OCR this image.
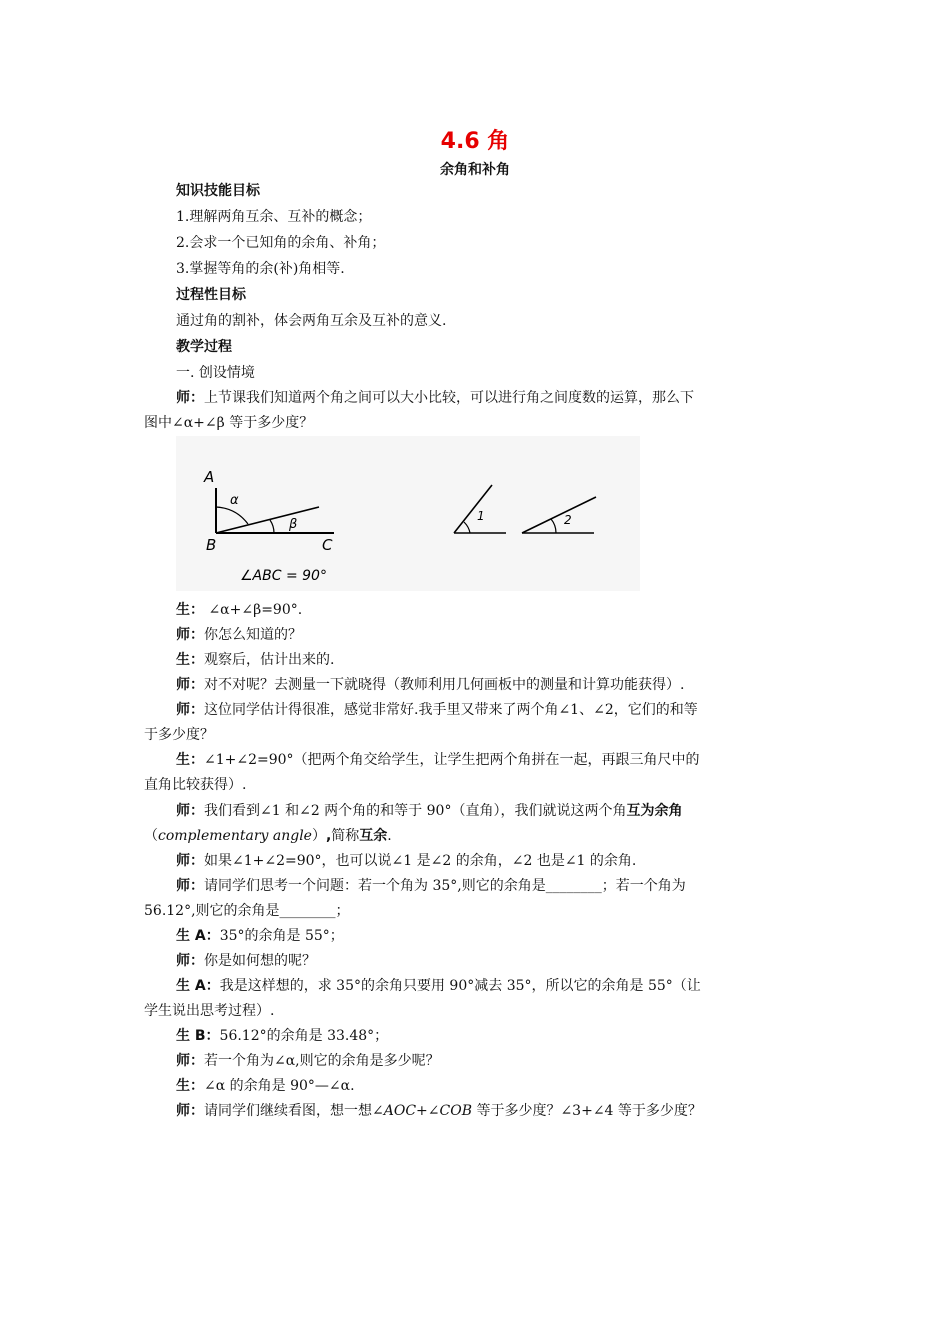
4.6 角
余角和补角
知识技能目标
1.理解两角互余、互补的概念；
2.会求一个已知角的余角、补角；
3.掌握等角的余(补)角相等.
过程性目标
通过角的割补，体会两角互余及互补的意义.
教学过程
一. 创设情境
师：上节课我们知道两个角之间可以大小比较，可以进行角之间度数的运算，那么下
图中∠α+∠β 等于多少度？
A
B	C
α
β
∠ABC = 90°
1	2
生： ∠α+∠β=90°.
师：你怎么知道的？
生：观察后，估计出来的.
师：对不对呢？去测量一下就晓得（教师利用几何画板中的测量和计算功能获得）.
师：这位同学估计得很准，感觉非常好.我手里又带来了两个角∠1、∠2，它们的和等
于多少度？
生：∠1+∠2=90°（把两个角交给学生，让学生把两个角拼在一起，再跟三角尺中的
直角比较获得）.
师：我们看到∠1 和∠2 两个角的和等于 90°（直角），我们就说这两个角互为余角
（complementary angle）,简称互余.
师：如果∠1+∠2=90°，也可以说∠1 是∠2 的余角，∠2 也是∠1 的余角.
师：请同学们思考一个问题：若一个角为 35°,则它的余角是________；若一个角为
56.12°,则它的余角是________；
生 A：35°的余角是 55°；
师：你是如何想的呢？
生 A：我是这样想的，求 35°的余角只要用 90°减去 35°，所以它的余角是 55°（让
学生说出思考过程）.
生 B：56.12°的余角是 33.48°；
师：若一个角为∠α,则它的余角是多少呢？
生：∠α 的余角是 90°—∠α.
师：请同学们继续看图，想一想∠AOC+∠COB 等于多少度？∠3+∠4 等于多少度？
